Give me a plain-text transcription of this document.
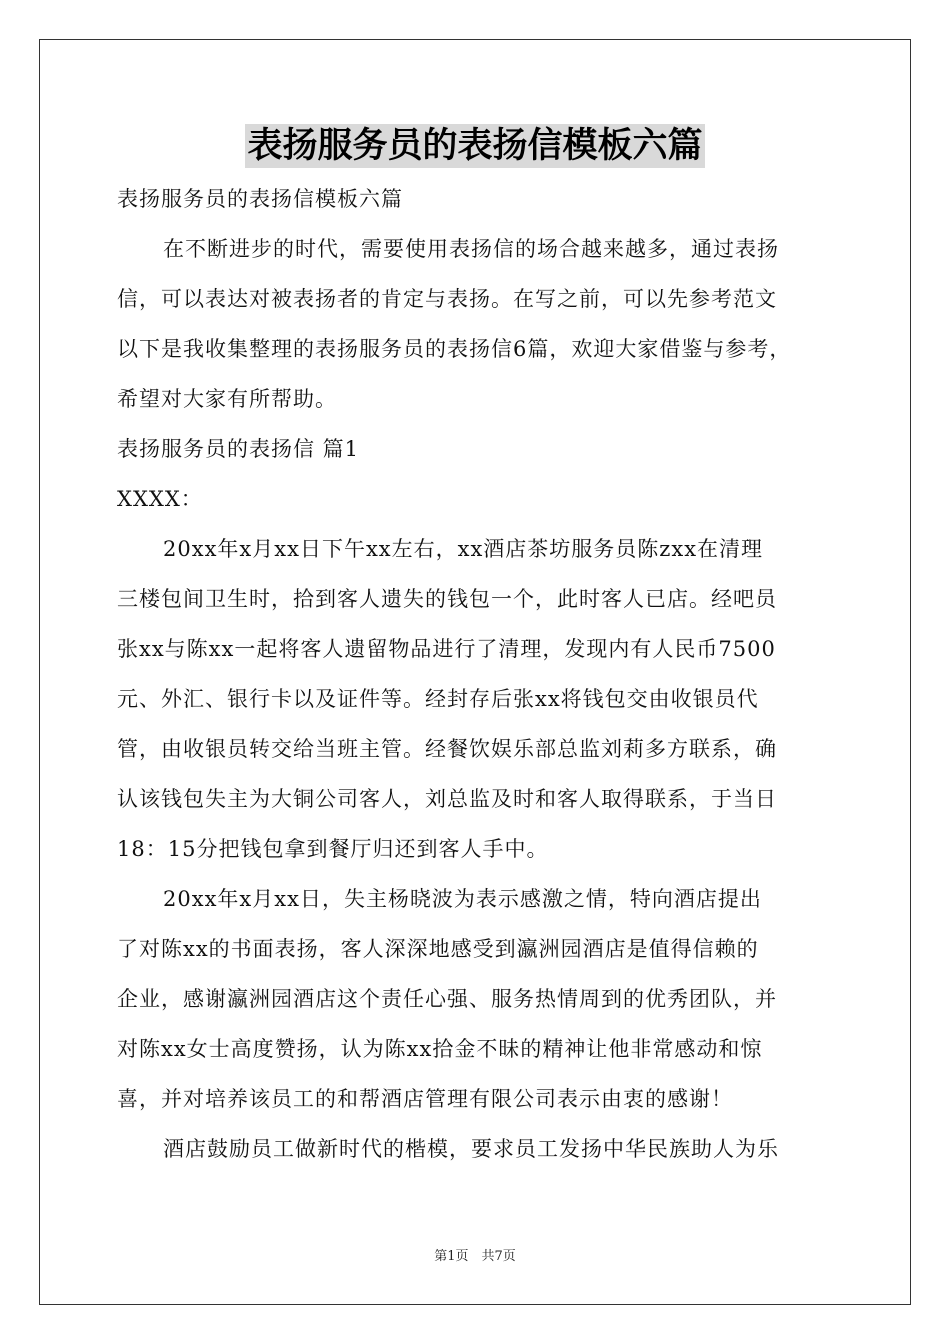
表扬服务员的表扬信模板六篇
表扬服务员的表扬信模板六篇
在不断进步的时代，需要使用表扬信的场合越来越多，通过表扬
信，可以表达对被表扬者的肯定与表扬。在写之前，可以先参考范文
以下是我收集整理的表扬服务员的表扬信6篇，欢迎大家借鉴与参考，
希望对大家有所帮助。
表扬服务员的表扬信 篇1
XXXX：
20xx年x月xx日下午xx左右，xx酒店茶坊服务员陈zxx在清理
三楼包间卫生时，拾到客人遗失的钱包一个，此时客人已店。经吧员
张xx与陈xx一起将客人遗留物品进行了清理，发现内有人民币7500
元、外汇、银行卡以及证件等。经封存后张xx将钱包交由收银员代
管，由收银员转交给当班主管。经餐饮娱乐部总监刘莉多方联系，确
认该钱包失主为大铜公司客人，刘总监及时和客人取得联系，于当日
18：15分把钱包拿到餐厅归还到客人手中。
20xx年x月xx日，失主杨晓波为表示感激之情，特向酒店提出
了对陈xx的书面表扬，客人深深地感受到瀛洲园酒店是值得信赖的
企业，感谢瀛洲园酒店这个责任心强、服务热情周到的优秀团队，并
对陈xx女士高度赞扬，认为陈xx拾金不昧的精神让他非常感动和惊
喜，并对培养该员工的和帮酒店管理有限公司表示由衷的感谢！
酒店鼓励员工做新时代的楷模，要求员工发扬中华民族助人为乐
第1页　共7页
